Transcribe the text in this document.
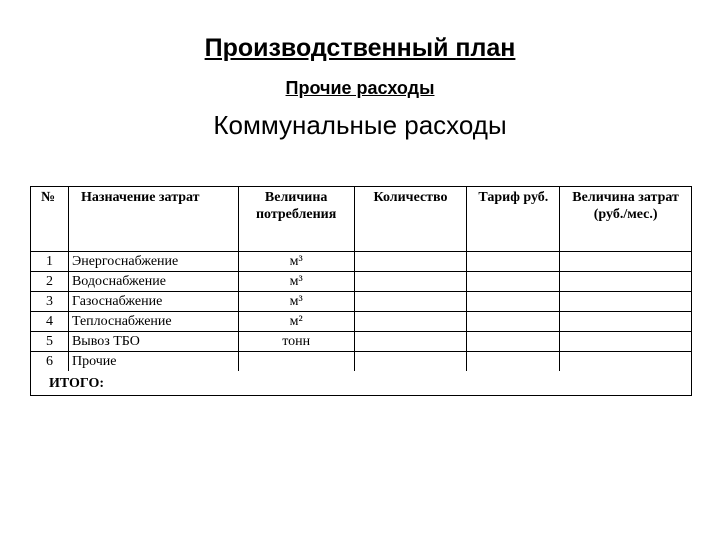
Производственный план
Прочие расходы
Коммунальные расходы
№	Назначение затрат	Величина потребления	Количество	Тариф руб.	Величина затрат (руб./мес.)
1	Энергоснабжение	м³			
2	Водоснабжение	м³			
3	Газоснабжение	м³			
4	Теплоснабжение	м²			
5	Вывоз ТБО	тонн			
6	Прочие				
ИТОГО:					
